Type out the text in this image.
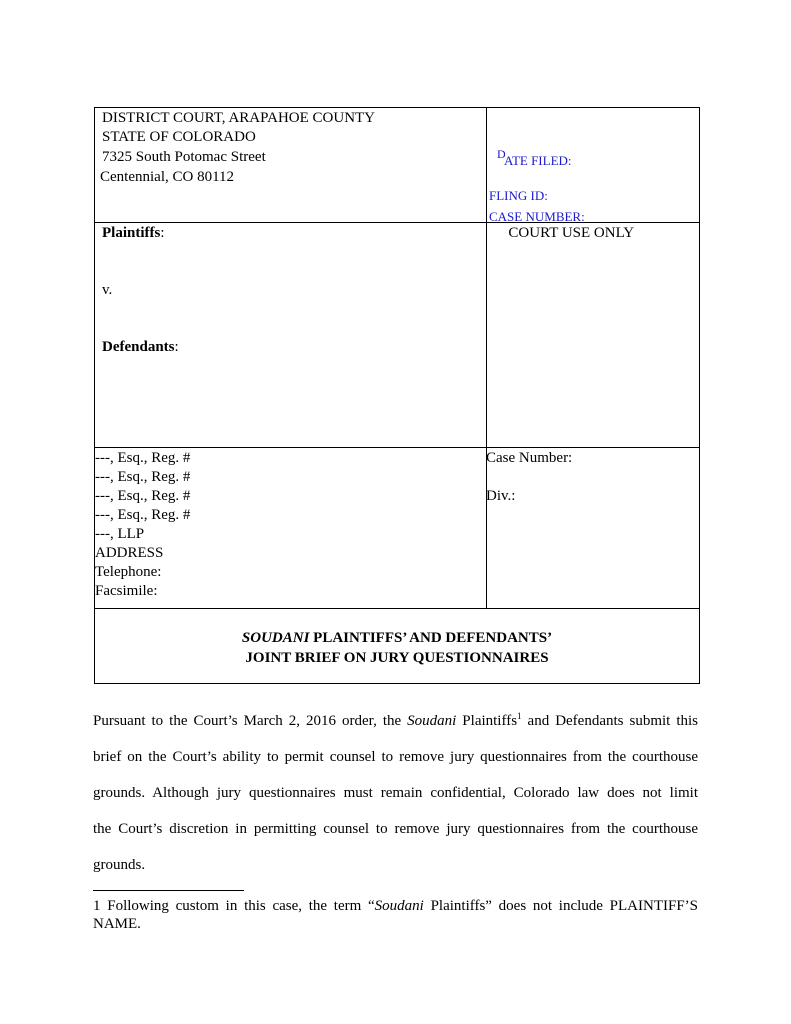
DISTRICT COURT, ARAPAHOE COUNTY
STATE OF COLORADO
7325 South Potomac Street
Centennial, CO 80112
D
ATE FILED:
FLING ID:
CASE NUMBER:
Plaintiffs:
v.
Defendants:
  COURT USE ONLY  
---, Esq., Reg. #
---, Esq., Reg. #
---, Esq., Reg. #
---, Esq., Reg. #
---, LLP
ADDRESS
Telephone:
Facsimile:
Case Number:
Div.:
SOUDANI PLAINTIFFS’ AND DEFENDANTS’
JOINT BRIEF ON JURY QUESTIONNAIRES
Pursuant to the Court’s March 2, 2016 order, the Soudani Plaintiffs$^1$ and Defendants submit this
brief on the Court’s ability to permit counsel to remove jury questionnaires from the courthouse
grounds. Although jury questionnaires must remain confidential, Colorado law does not limit
the Court’s discretion in permitting counsel to remove jury questionnaires from the courthouse
grounds.
1 Following custom in this case, the term “Soudani Plaintiffs” does not include PLAINTIFF’S NAME.
